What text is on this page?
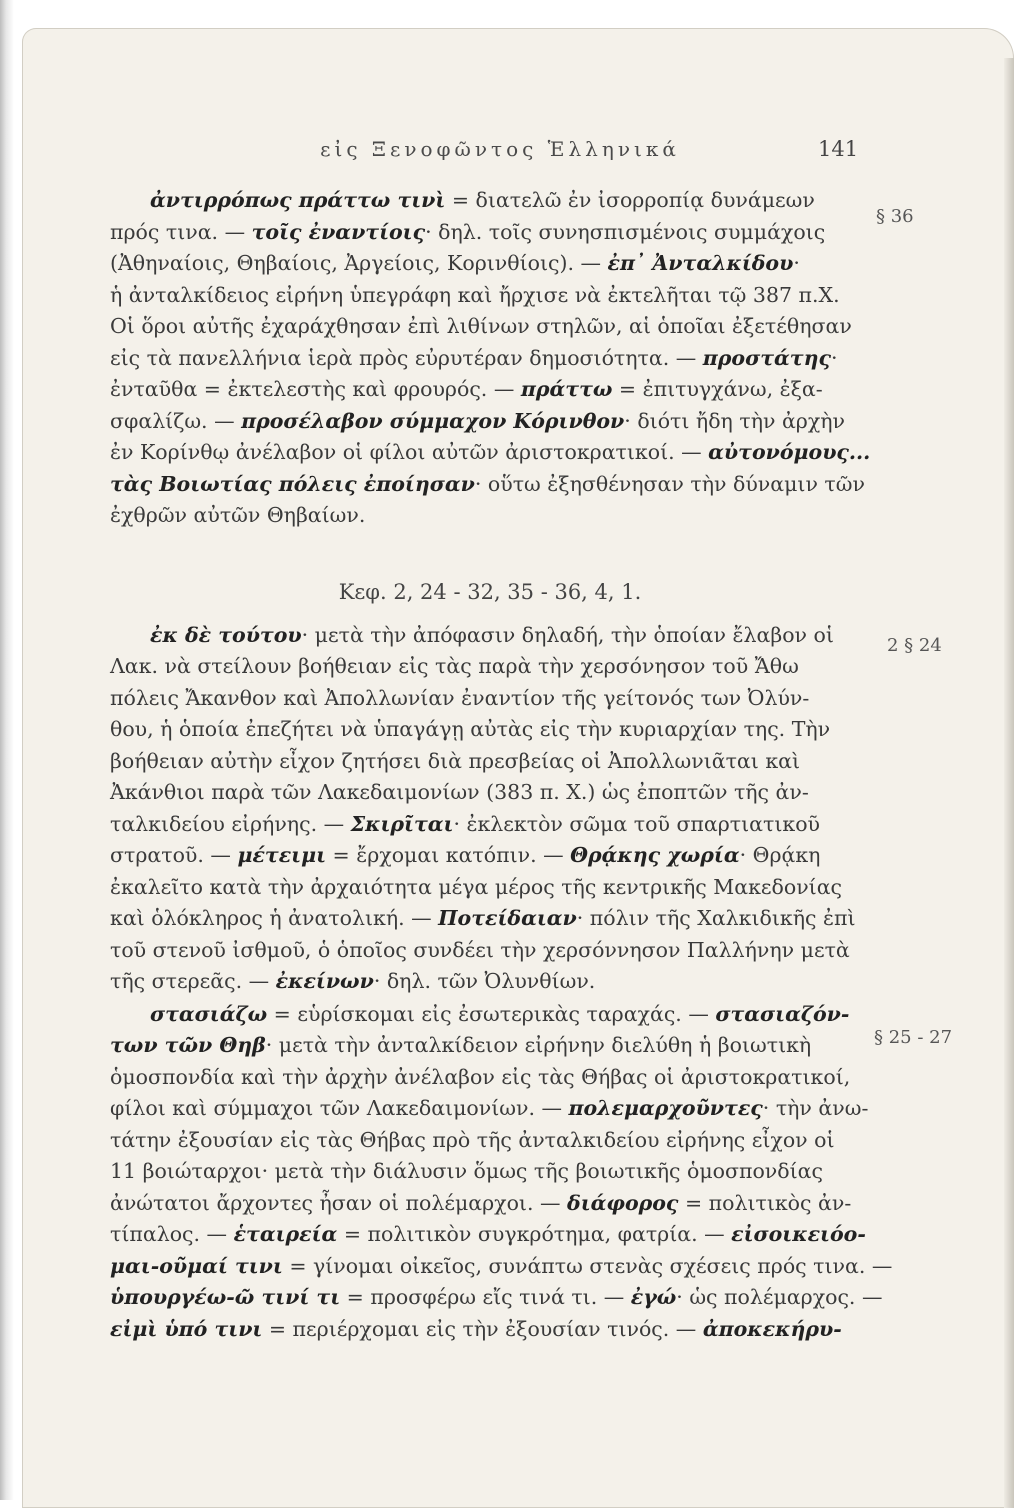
εἰς Ξενοφῶντος Ἑλληνικά	141
§ 36
2 § 24
§ 25 - 27
ἀντιρρόπως πράττω τινὶ = διατελῶ ἐν ἰσορροπίᾳ δυνάμεων
πρός τινα. — τοῖς ἐναντίοις· δηλ. τοῖς συνησπισμένοις συμμάχοις
(Ἀθηναίοις, Θηβαίοις, Ἀργείοις, Κορινθίοις). — ἐπ᾽ Ἀνταλκίδου·
ἡ ἀνταλκίδειος εἰρήνη ὑπεγράφη καὶ ἤρχισε νὰ ἐκτελῆται τῷ 387 π.Χ.
Οἱ ὅροι αὐτῆς ἐχαράχθησαν ἐπὶ λιθίνων στηλῶν, αἱ ὁποῖαι ἐξετέθησαν
εἰς τὰ πανελλήνια ἱερὰ πρὸς εὐρυτέραν δημοσιότητα. — προστάτης·
ἐνταῦθα = ἐκτελεστὴς καὶ φρουρός. — πράττω = ἐπιτυγχάνω, ἐξα-
σφαλίζω. — προσέλαβον σύμμαχον Κόρινθον· διότι ἤδη τὴν ἀρχὴν
ἐν Κορίνθῳ ἀνέλαβον οἱ φίλοι αὐτῶν ἀριστοκρατικοί. — αὐτονόμους...
τὰς Βοιωτίας πόλεις ἐποίησαν· οὕτω ἐξησθένησαν τὴν δύναμιν τῶν
ἐχθρῶν αὐτῶν Θηβαίων.
ἐκ δὲ τούτου· μετὰ τὴν ἀπόφασιν δηλαδή, τὴν ὁποίαν ἔλαβον οἱ
Λακ. νὰ στείλουν βοήθειαν εἰς τὰς παρὰ τὴν χερσόνησον τοῦ Ἄθω
πόλεις Ἄκανθον καὶ Ἀπολλωνίαν ἐναντίον τῆς γείτονός των Ὀλύν-
θου, ἡ ὁποία ἐπεζήτει νὰ ὑπαγάγῃ αὐτὰς εἰς τὴν κυριαρχίαν της. Τὴν
βοήθειαν αὐτὴν εἶχον ζητήσει διὰ πρεσβείας οἱ Ἀπολλωνιᾶται καὶ
Ἀκάνθιοι παρὰ τῶν Λακεδαιμονίων (383 π. Χ.) ὡς ἐποπτῶν τῆς ἀν-
ταλκιδείου εἰρήνης. — Σκιρῖται· ἐκλεκτὸν σῶμα τοῦ σπαρτιατικοῦ
στρατοῦ. — μέτειμι = ἔρχομαι κατόπιν. — Θρᾴκης χωρία· Θρᾴκη
ἐκαλεῖτο κατὰ τὴν ἀρχαιότητα μέγα μέρος τῆς κεντρικῆς Μακεδονίας
καὶ ὁλόκληρος ἡ ἀνατολική. — Ποτείδαιαν· πόλιν τῆς Χαλκιδικῆς ἐπὶ
τοῦ στενοῦ ἰσθμοῦ, ὁ ὁποῖος συνδέει τὴν χερσόννησον Παλλήνην μετὰ
τῆς στερεᾶς. — ἐκείνων· δηλ. τῶν Ὀλυνθίων.
στασιάζω = εὑρίσκομαι εἰς ἐσωτερικὰς ταραχάς. — στασιαζόν-
των τῶν Θηβ· μετὰ τὴν ἀνταλκίδειον εἰρήνην διελύθη ἡ βοιωτικὴ
ὁμοσπονδία καὶ τὴν ἀρχὴν ἀνέλαβον εἰς τὰς Θήβας οἱ ἀριστοκρατικοί,
φίλοι καὶ σύμμαχοι τῶν Λακεδαιμονίων. — πολεμαρχοῦντες· τὴν ἀνω-
τάτην ἐξουσίαν εἰς τὰς Θήβας πρὸ τῆς ἀνταλκιδείου εἰρήνης εἶχον οἱ
11 βοιώταρχοι· μετὰ τὴν διάλυσιν ὅμως τῆς βοιωτικῆς ὁμοσπονδίας
ἀνώτατοι ἄρχοντες ἦσαν οἱ πολέμαρχοι. — διάφορος = πολιτικὸς ἀν-
τίπαλος. — ἑταιρεία = πολιτικὸν συγκρότημα, φατρία. — εἰσοικειόο-
μαι-οῦμαί τινι = γίνομαι οἰκεῖος, συνάπτω στενὰς σχέσεις πρός τινα. —
ὑπουργέω-ῶ τινί τι = προσφέρω εἴς τινά τι. — ἐγώ· ὡς πολέμαρχος. —
εἰμὶ ὑπό τινι = περιέρχομαι εἰς τὴν ἐξουσίαν τινός. — ἀποκεκήρυ-
Κεφ. 2, 24 - 32, 35 - 36, 4, 1.
